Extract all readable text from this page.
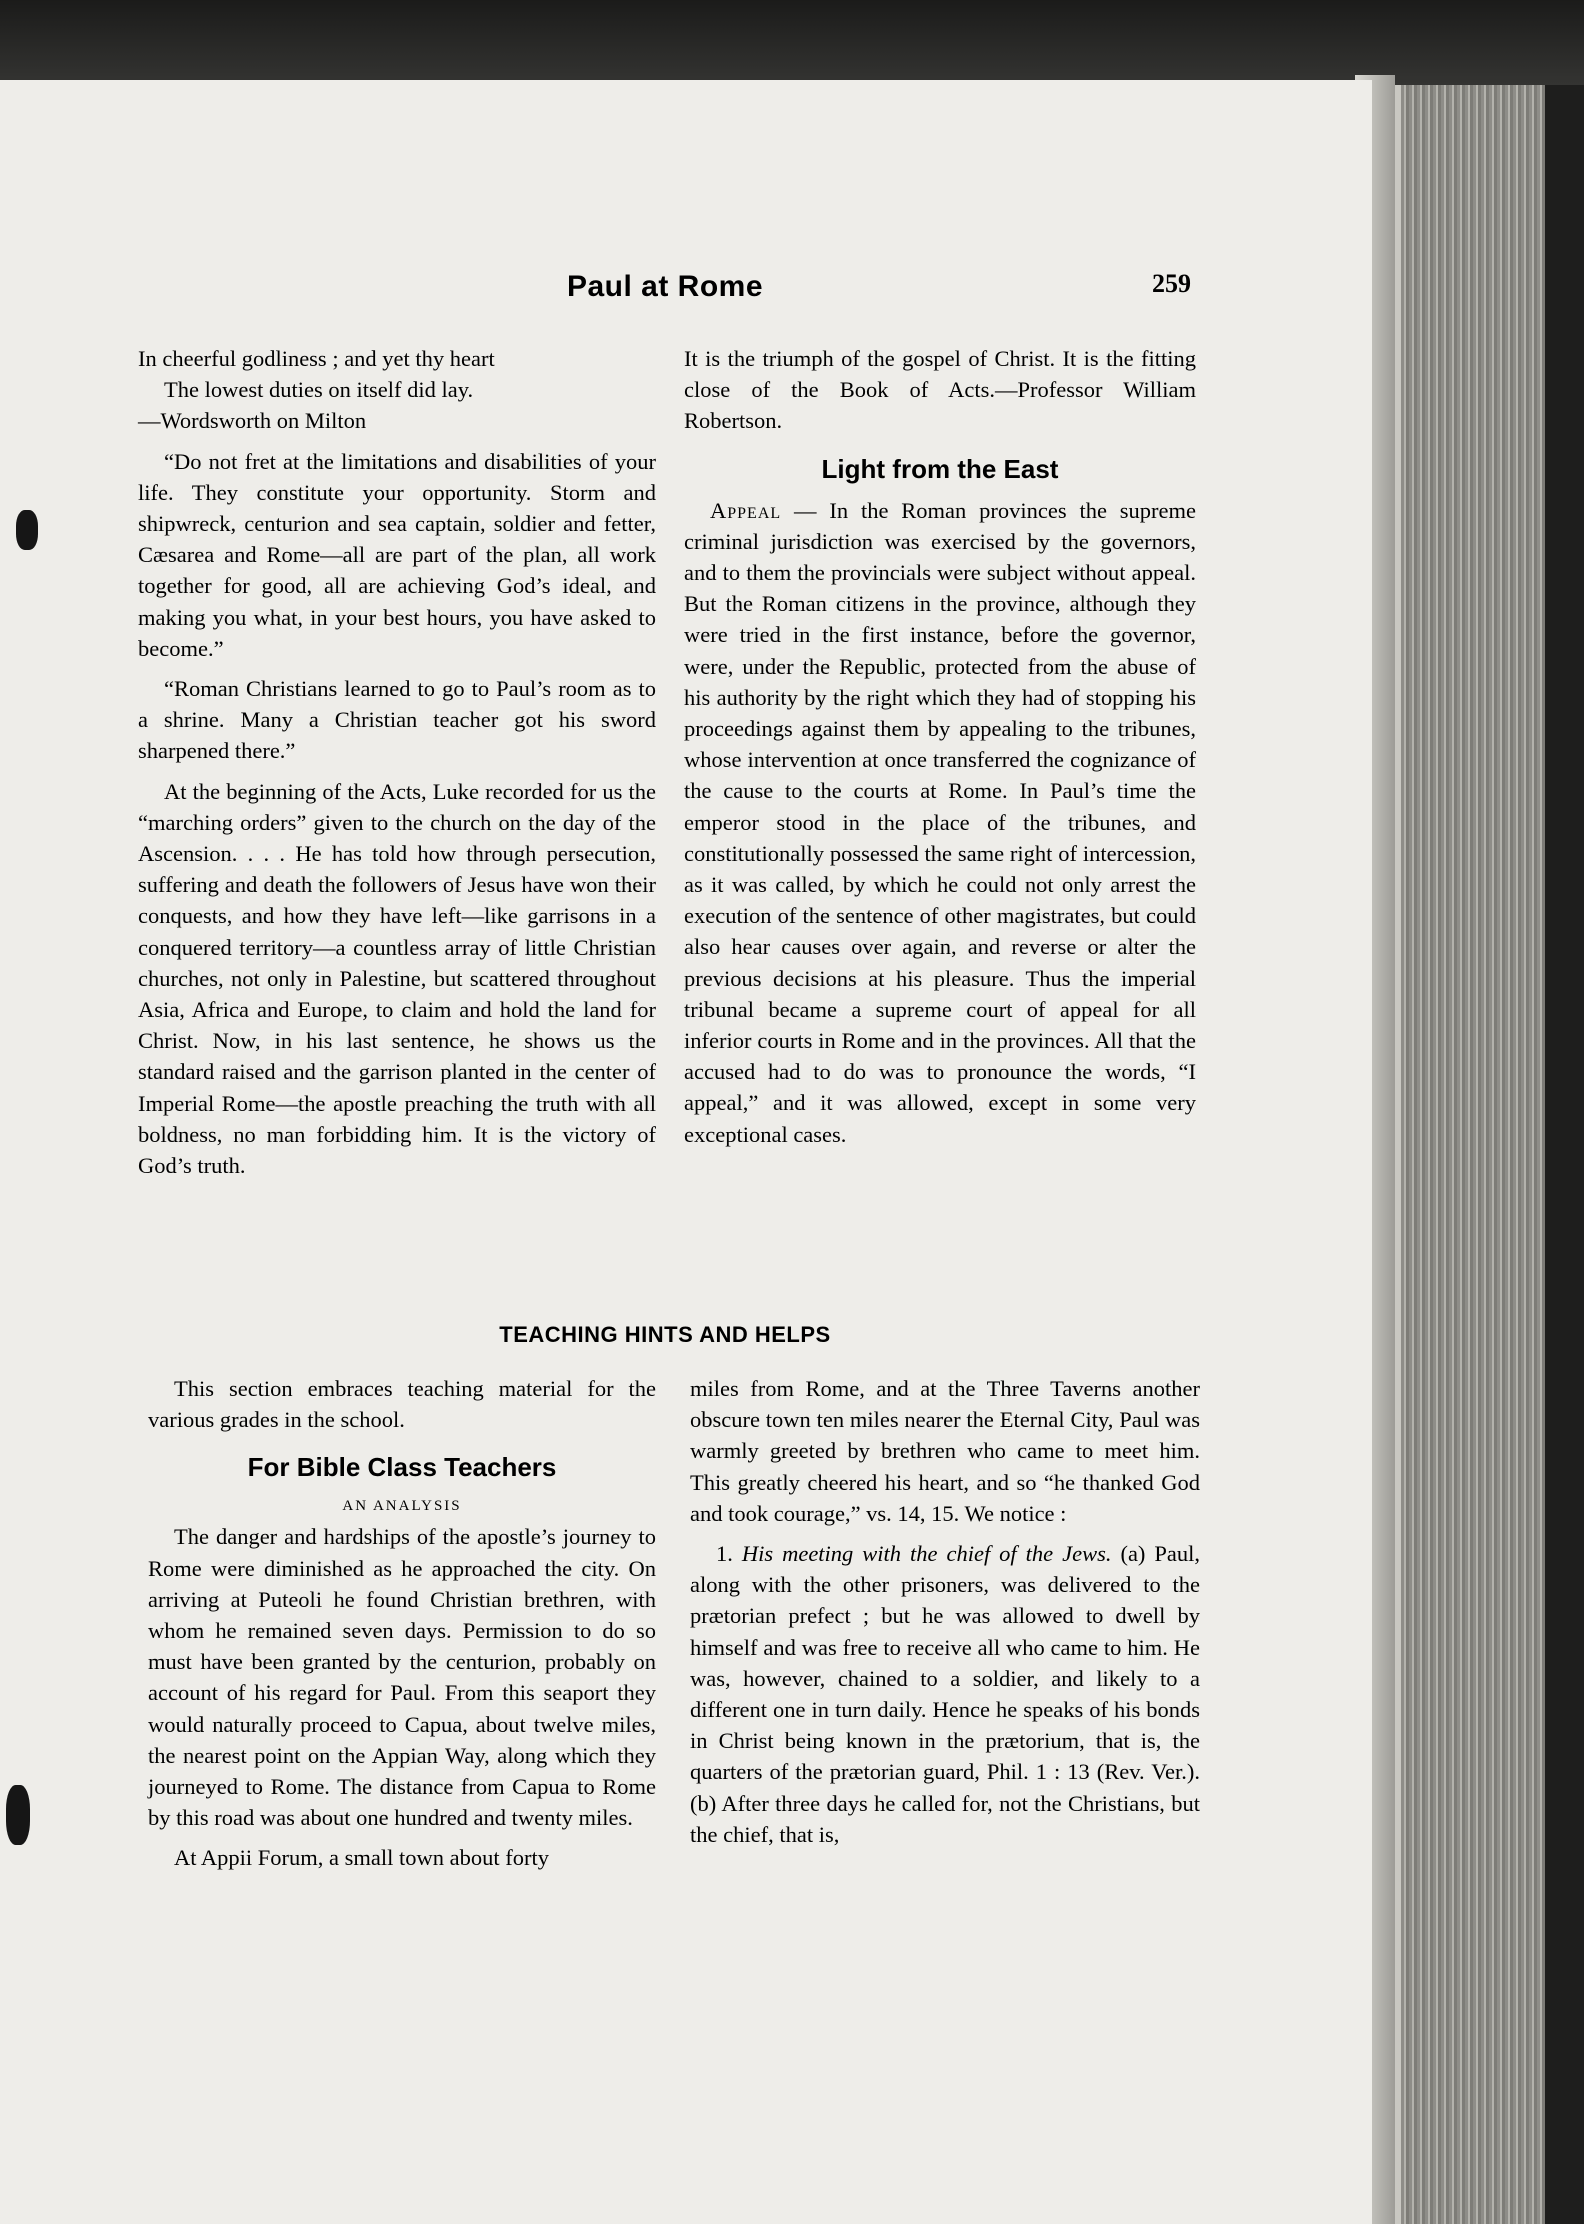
Paul at Rome	259

In cheerful godliness ; and yet thy heart

The lowest duties on itself did lay.

—Wordsworth on Milton

“Do not fret at the limitations and disabilities of your life. They constitute your opportunity. Storm and shipwreck, centurion and sea captain, soldier and fetter, Cæsarea and Rome—all are part of the plan, all work together for good, all are achieving God’s ideal, and making you what, in your best hours, you have asked to become.”

“Roman Christians learned to go to Paul’s room as to a shrine. Many a Christian teacher got his sword sharpened there.”

At the beginning of the Acts, Luke recorded for us the “marching orders” given to the church on the day of the Ascension. . . . He has told how through persecution, suffering and death the followers of Jesus have won their conquests, and how they have left—like garrisons in a conquered territory—a countless array of little Christian churches, not only in Palestine, but scattered throughout Asia, Africa and Europe, to claim and hold the land for Christ. Now, in his last sentence, he shows us the standard raised and the garrison planted in the center of Imperial Rome—the apostle preaching the truth with all boldness, no man forbidding him. It is the victory of God’s truth.

It is the triumph of the gospel of Christ. It is the fitting close of the Book of Acts.—Professor William Robertson.

Light from the East

Appeal — In the Roman provinces the supreme criminal jurisdiction was exercised by the governors, and to them the provincials were subject without appeal. But the Roman citizens in the province, although they were tried in the first instance, before the governor, were, under the Republic, protected from the abuse of his authority by the right which they had of stopping his proceedings against them by appealing to the tribunes, whose intervention at once transferred the cognizance of the cause to the courts at Rome. In Paul’s time the emperor stood in the place of the tribunes, and constitutionally possessed the same right of intercession, as it was called, by which he could not only arrest the execution of the sentence of other magistrates, but could also hear causes over again, and reverse or alter the previous decisions at his pleasure. Thus the imperial tribunal became a supreme court of appeal for all inferior courts in Rome and in the provinces. All that the accused had to do was to pronounce the words, “I appeal,” and it was allowed, except in some very exceptional cases.

TEACHING HINTS AND HELPS

This section embraces teaching material for the various grades in the school.

For Bible Class Teachers
AN ANALYSIS

The danger and hardships of the apostle’s journey to Rome were diminished as he approached the city. On arriving at Puteoli he found Christian brethren, with whom he remained seven days. Permission to do so must have been granted by the centurion, probably on account of his regard for Paul. From this seaport they would naturally proceed to Capua, about twelve miles, the nearest point on the Appian Way, along which they journeyed to Rome. The distance from Capua to Rome by this road was about one hundred and twenty miles.

At Appii Forum, a small town about forty

miles from Rome, and at the Three Taverns another obscure town ten miles nearer the Eternal City, Paul was warmly greeted by brethren who came to meet him. This greatly cheered his heart, and so “he thanked God and took courage,” vs. 14, 15. We notice :

1. His meeting with the chief of the Jews. (a) Paul, along with the other prisoners, was delivered to the prætorian prefect ; but he was allowed to dwell by himself and was free to receive all who came to him. He was, however, chained to a soldier, and likely to a different one in turn daily. Hence he speaks of his bonds in Christ being known in the prætorium, that is, the quarters of the prætorian guard, Phil. 1 : 13 (Rev. Ver.). (b) After three days he called for, not the Christians, but the chief, that is,
